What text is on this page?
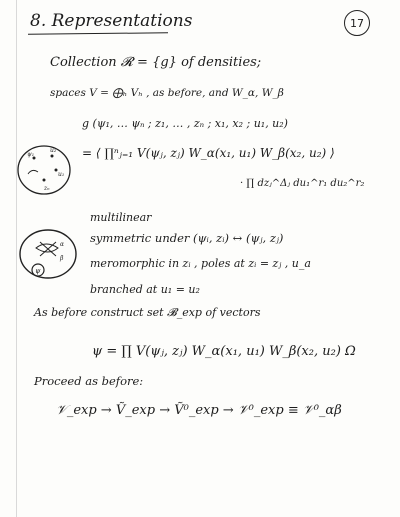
8. Representations	17
Collection 𝓡 = {g} of densities;
spaces V = ⨁ₕ Vₕ , as before, and W_α, W_β
g (ψ₁, … ψₙ ; z₁, … , zₙ ; x₁, x₂ ; u₁, u₂)
= ⟨ ∏ⁿⱼ₌₁ V(ψⱼ, zⱼ) W_α(x₁, u₁) W_β(x₂, u₂) ⟩
· ∏ dzⱼ^Δⱼ du₁^r₁ du₂^r₂
ψ₁
u₂
u₁
zₙ
ψ
α
β
multilinear
symmetric under (ψᵢ, zᵢ) ↔ (ψⱼ, zⱼ)
meromorphic in zᵢ , poles at zᵢ = zⱼ , u_a
branched at u₁ = u₂
As before construct set 𝓑_exp of vectors
ψ = ∏ V(ψⱼ, zⱼ) W_α(x₁, u₁) W_β(x₂, u₂) Ω
Proceed as before:
𝒱_exp → Ṽ_exp → Ṽ⁰_exp → 𝒱⁰_exp ≡ 𝒱⁰_αβ
